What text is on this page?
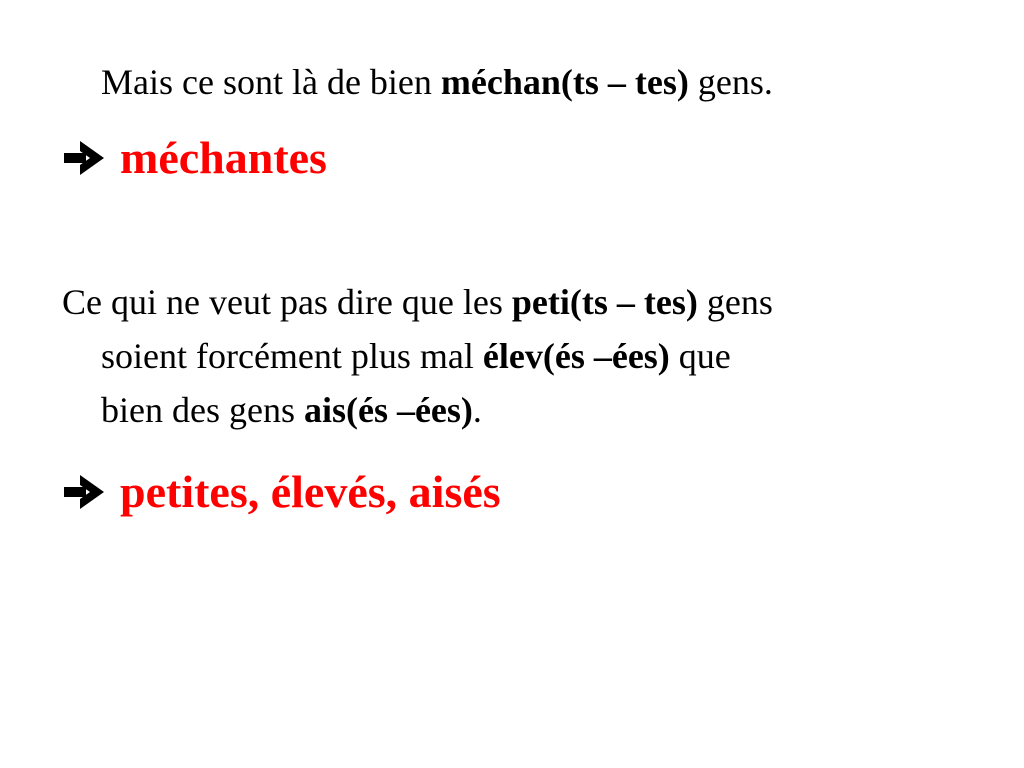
Mais ce sont là de bien méchan(ts – tes) gens.
méchantes
Ce qui ne veut pas dire que les peti(ts – tes) gens
soient forcément plus mal élev(és –ées) que
bien des gens ais(és –ées).
petites, élevés, aisés
